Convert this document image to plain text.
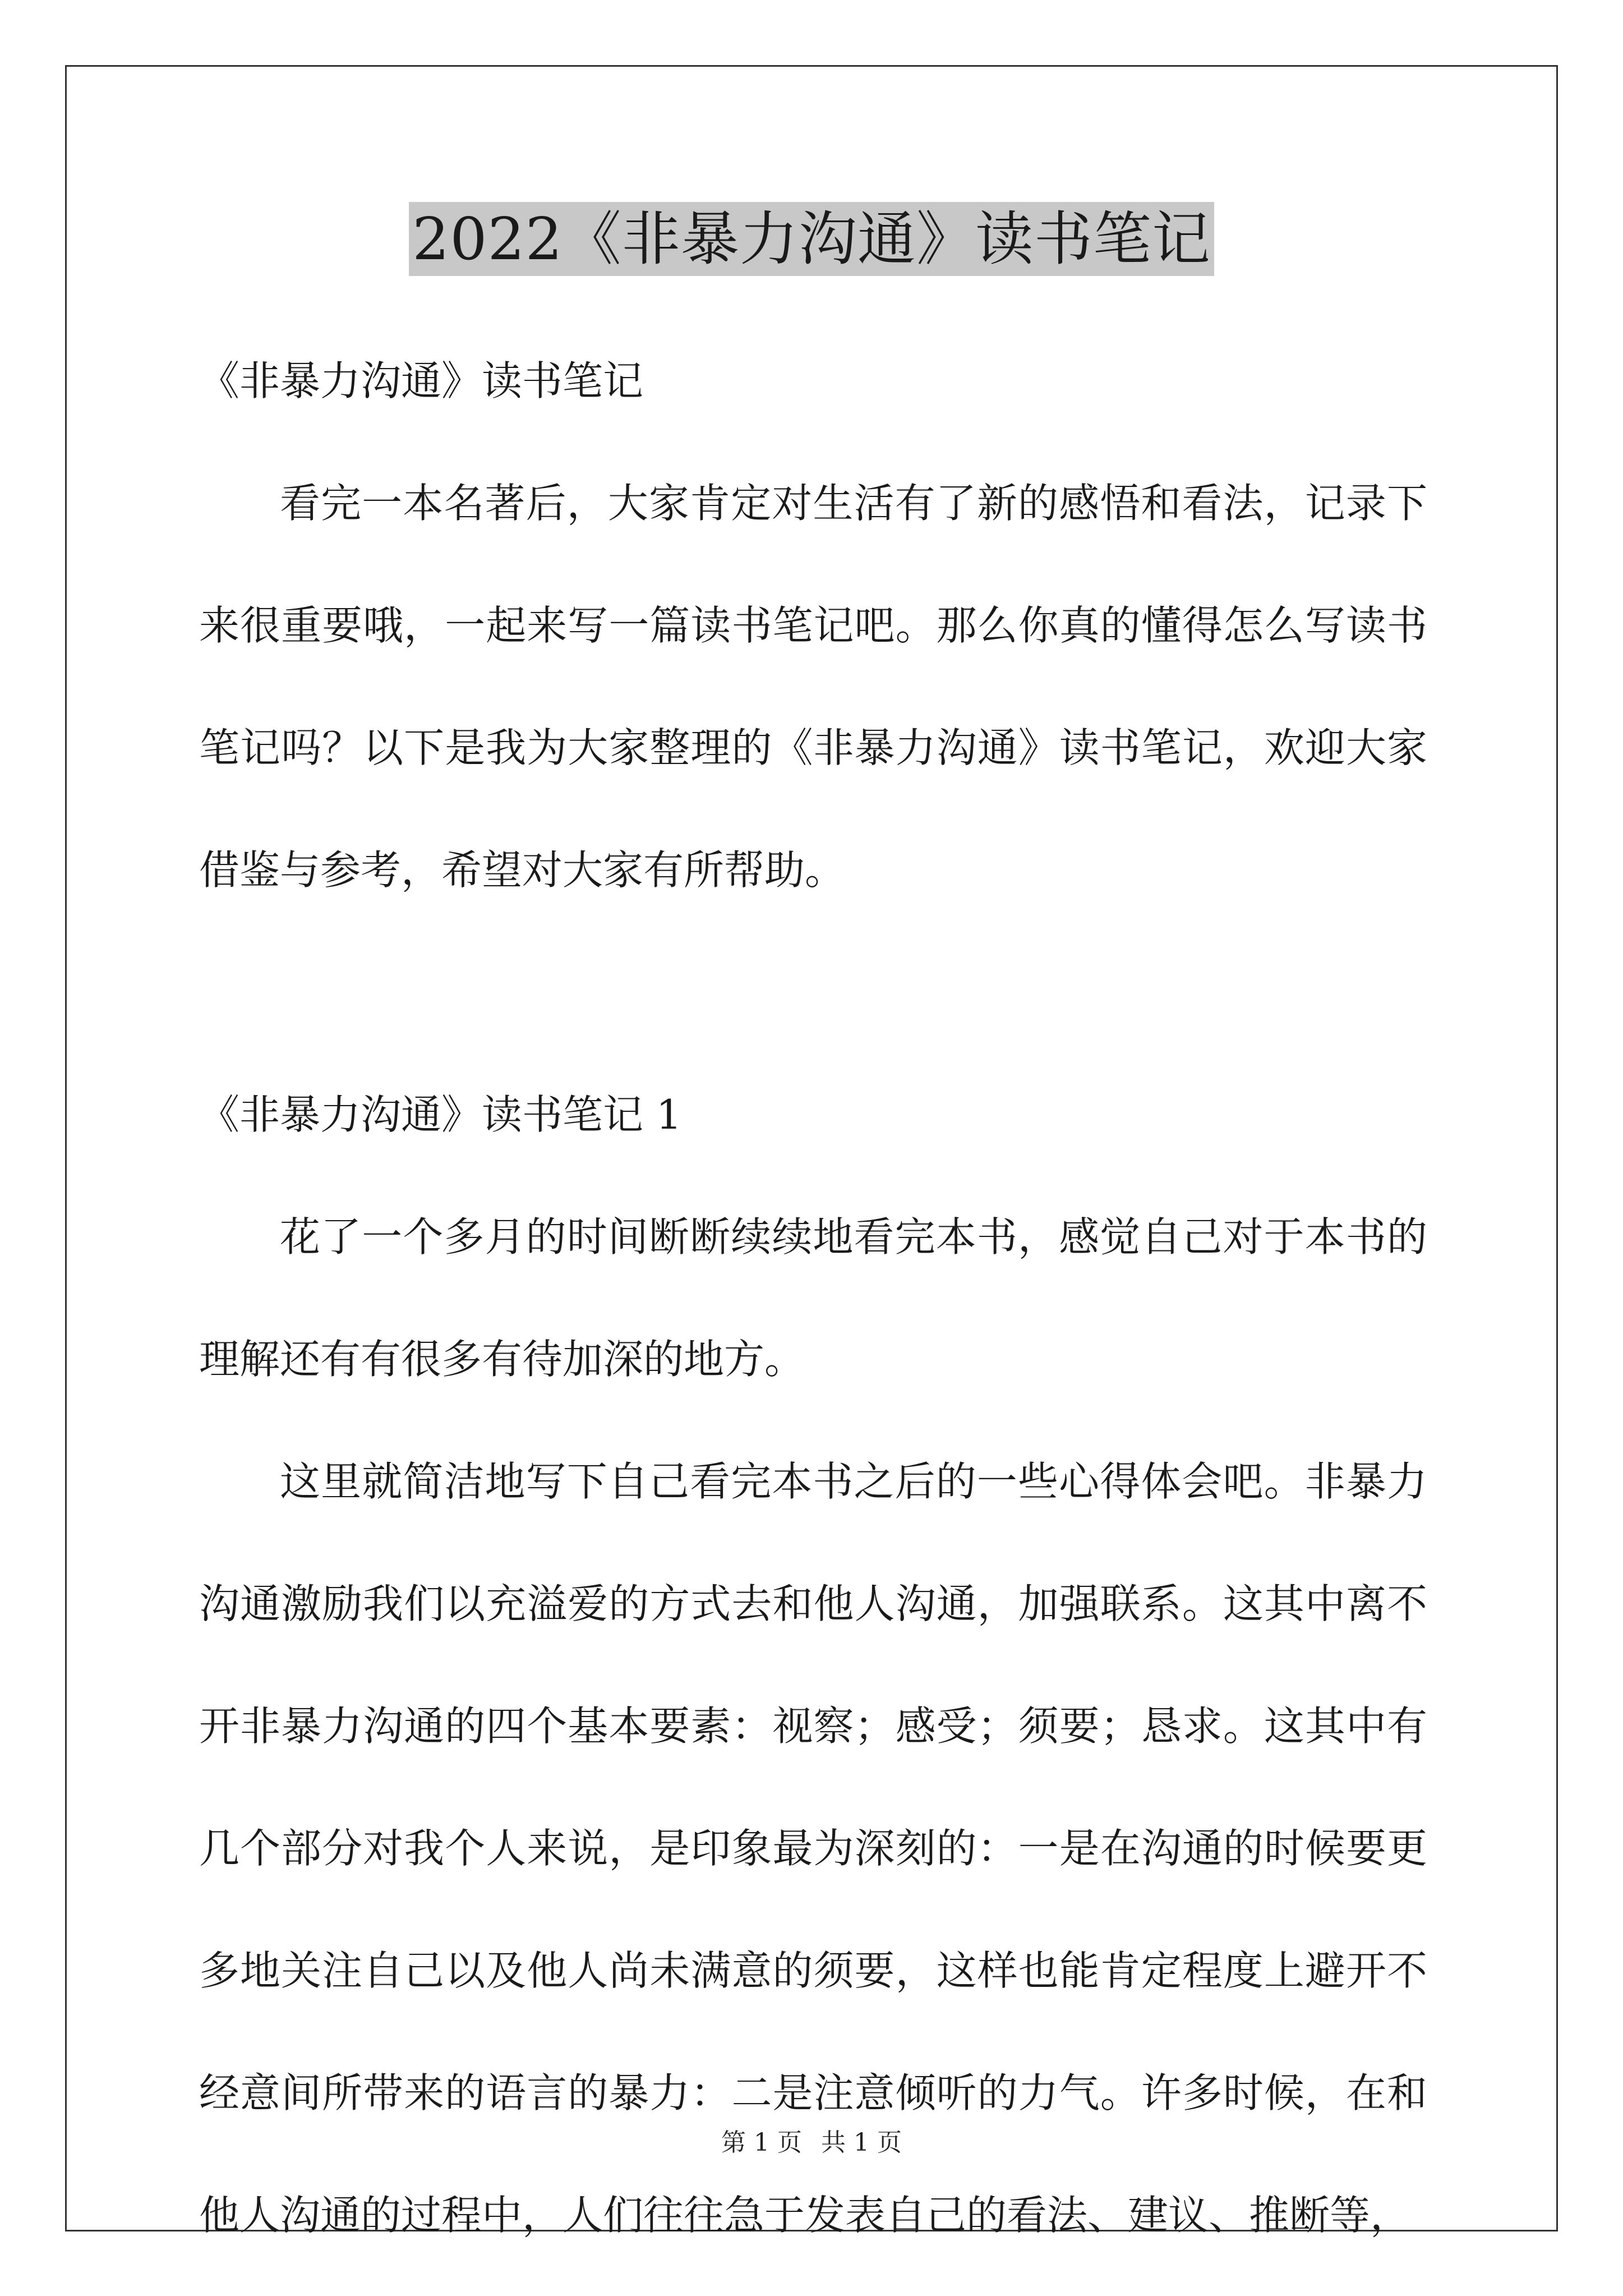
2022《非暴力沟通》读书笔记

《非暴力沟通》读书笔记

看完一本名著后，大家肯定对生活有了新的感悟和看法，记录下来很重要哦，一起来写一篇读书笔记吧。那么你真的懂得怎么写读书笔记吗？以下是我为大家整理的《非暴力沟通》读书笔记，欢迎大家借鉴与参考，希望对大家有所帮助。

《非暴力沟通》读书笔记 1

花了一个多月的时间断断续续地看完本书，感觉自己对于本书的理解还有有很多有待加深的地方。

这里就简洁地写下自己看完本书之后的一些心得体会吧。非暴力沟通激励我们以充溢爱的方式去和他人沟通，加强联系。这其中离不开非暴力沟通的四个基本要素：视察；感受；须要；恳求。这其中有几个部分对我个人来说，是印象最为深刻的：一是在沟通的时候要更多地关注自己以及他人尚未满意的须要，这样也能肯定程度上避开不经意间所带来的语言的暴力：二是注意倾听的力气。许多时候，在和他人沟通的过程中，人们往往急于发表自己的看法、建议、推断等，

第 1 页 共 1 页
